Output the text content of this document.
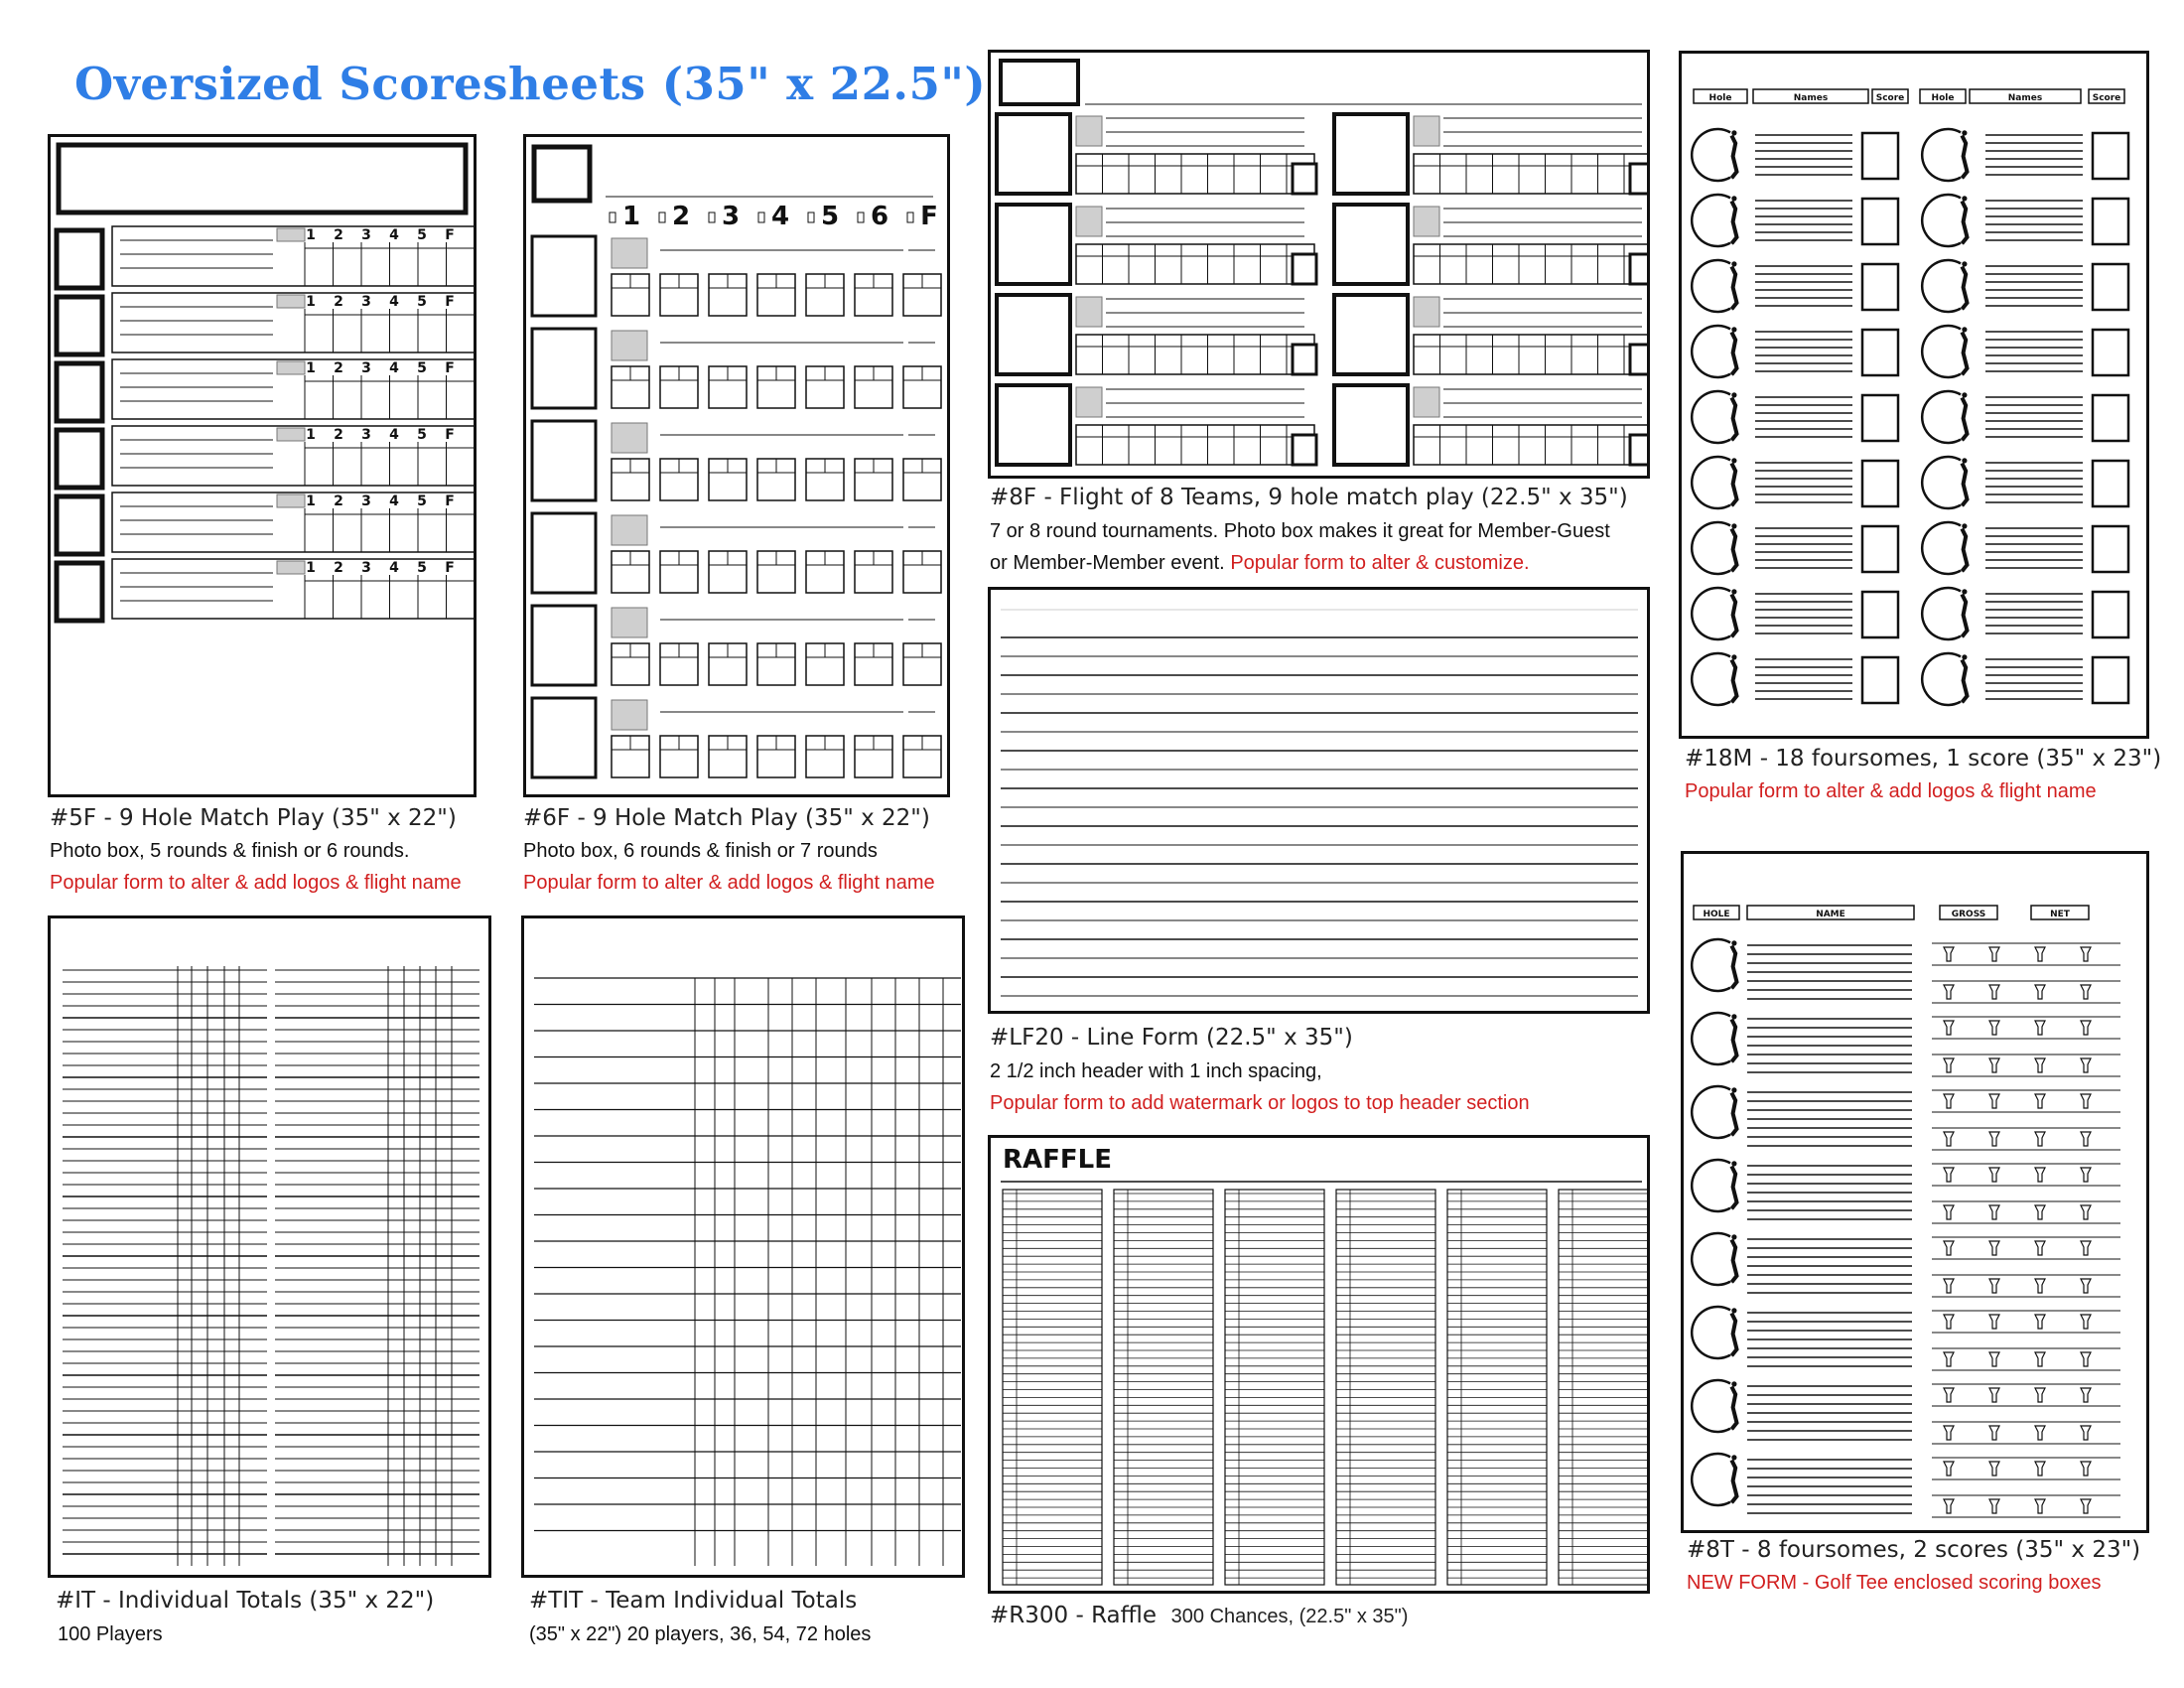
Oversized Scoresheets (35" x 22.5")
1 2 3 4 5 F
1 2 3 4 5 F
1 2 3 4 5 F
1 2 3 4 5 F
1 2 3 4 5 F
1 2 3 4 5 F
#5F - 9 Hole Match Play (35" x 22")
Photo box, 5 rounds & finish or 6 rounds.
Popular form to alter & add logos & flight name
1 2 3 4 5 6 F
#6F - 9 Hole Match Play (35" x 22")
Photo box, 6 rounds & finish or 7 rounds
Popular form to alter & add logos & flight name
#8F - Flight of 8 Teams, 9 hole match play (22.5" x 35")
7 or 8 round tournaments. Photo box makes it great for Member-Guest
or Member-Member event. Popular form to alter & customize.
Hole	Names	Score	Hole	Names	Score
#18M - 18 foursomes, 1 score (35" x 23")
Popular form to alter & add logos & flight name
#LF20 - Line Form (22.5" x 35")
2 1/2 inch header with 1 inch spacing,
Popular form to add watermark or logos to top header section
HOLE	NAME	GROSS	NET
#8T - 8 foursomes, 2 scores (35" x 23")
NEW FORM - Golf Tee enclosed scoring boxes
#IT - Individual Totals (35" x 22")
100 Players
#TIT - Team Individual Totals
(35" x 22") 20 players, 36, 54, 72 holes
RAFFLE
#R300 - Raffle 300 Chances, (22.5" x 35")
